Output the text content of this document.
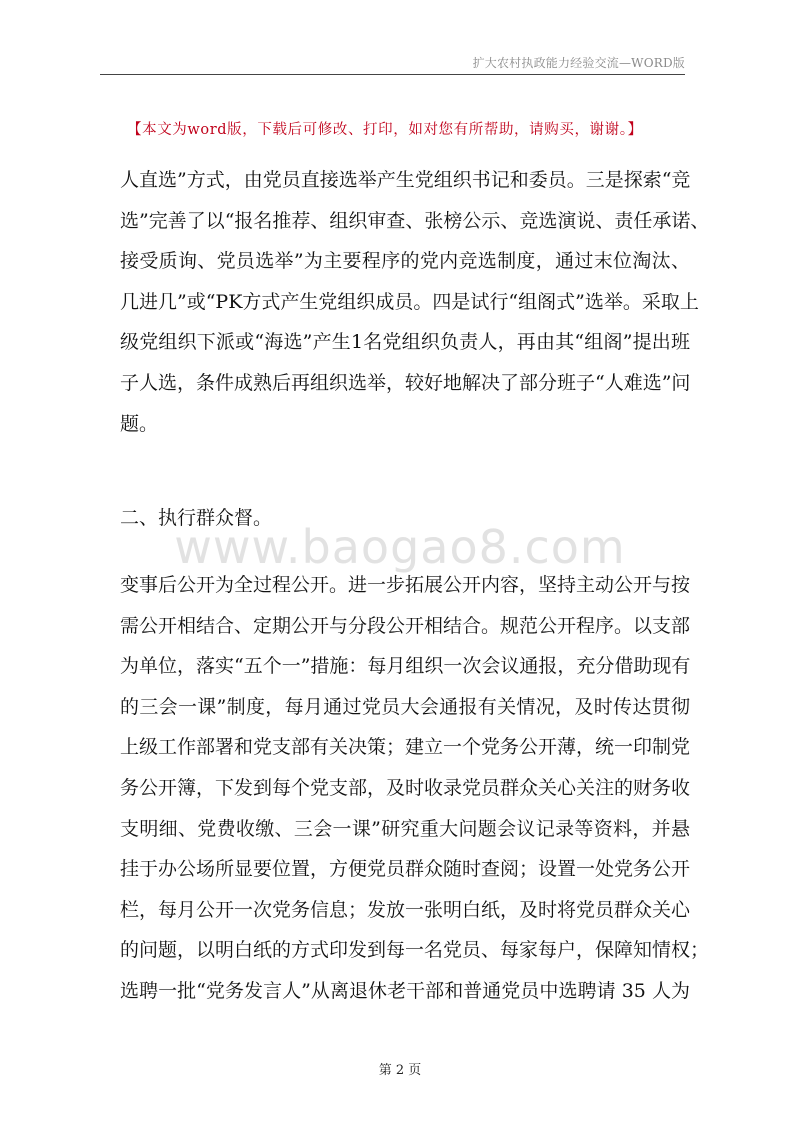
扩大农村执政能力经验交流—WORD版
【本文为word版，下载后可修改、打印，如对您有所帮助，请购买，谢谢。】
人直选”方式，由党员直接选举产生党组织书记和委员。三是探索“竞
选”完善了以“报名推荐、组织审查、张榜公示、竞选演说、责任承诺、
接受质询、党员选举”为主要程序的党内竞选制度，通过末位淘汰、
几进几”或“PK方式产生党组织成员。四是试行“组阁式”选举。采取上
级党组织下派或“海选”产生1名党组织负责人，再由其“组阁”提出班
子人选，条件成熟后再组织选举，较好地解决了部分班子“人难选”问
题。
www.baogao8.com
二、执行群众督。
变事后公开为全过程公开。进一步拓展公开内容，坚持主动公开与按
需公开相结合、定期公开与分段公开相结合。规范公开程序。以支部
为单位，落实“五个一”措施：每月组织一次会议通报，充分借助现有
的三会一课”制度，每月通过党员大会通报有关情况，及时传达贯彻
上级工作部署和党支部有关决策；建立一个党务公开薄，统一印制党
务公开簿，下发到每个党支部，及时收录党员群众关心关注的财务收
支明细、党费收缴、三会一课”研究重大问题会议记录等资料，并悬
挂于办公场所显要位置，方便党员群众随时查阅；设置一处党务公开
栏，每月公开一次党务信息；发放一张明白纸，及时将党员群众关心
的问题，以明白纸的方式印发到每一名党员、每家每户，保障知情权；
选聘一批“党务发言人”从离退休老干部和普通党员中选聘请 35 人为
第 2 页
